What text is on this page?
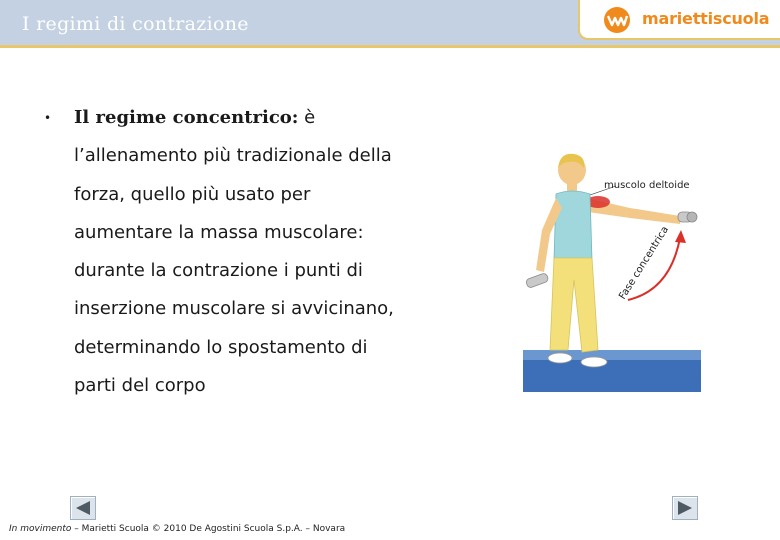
I regimi di contrazione	mariettiscuola
• Il regime concentrico: è
l’allenamento più tradizionale della
forza, quello più usato per
aumentare la massa muscolare:
durante la contrazione i punti di
inserzione muscolare si avvicinano,
determinando lo spostamento di
parti del corpo
muscolo deltoide
Fase concentrica
In movimento – Marietti Scuola © 2010 De Agostini Scuola S.p.A. – Novara
